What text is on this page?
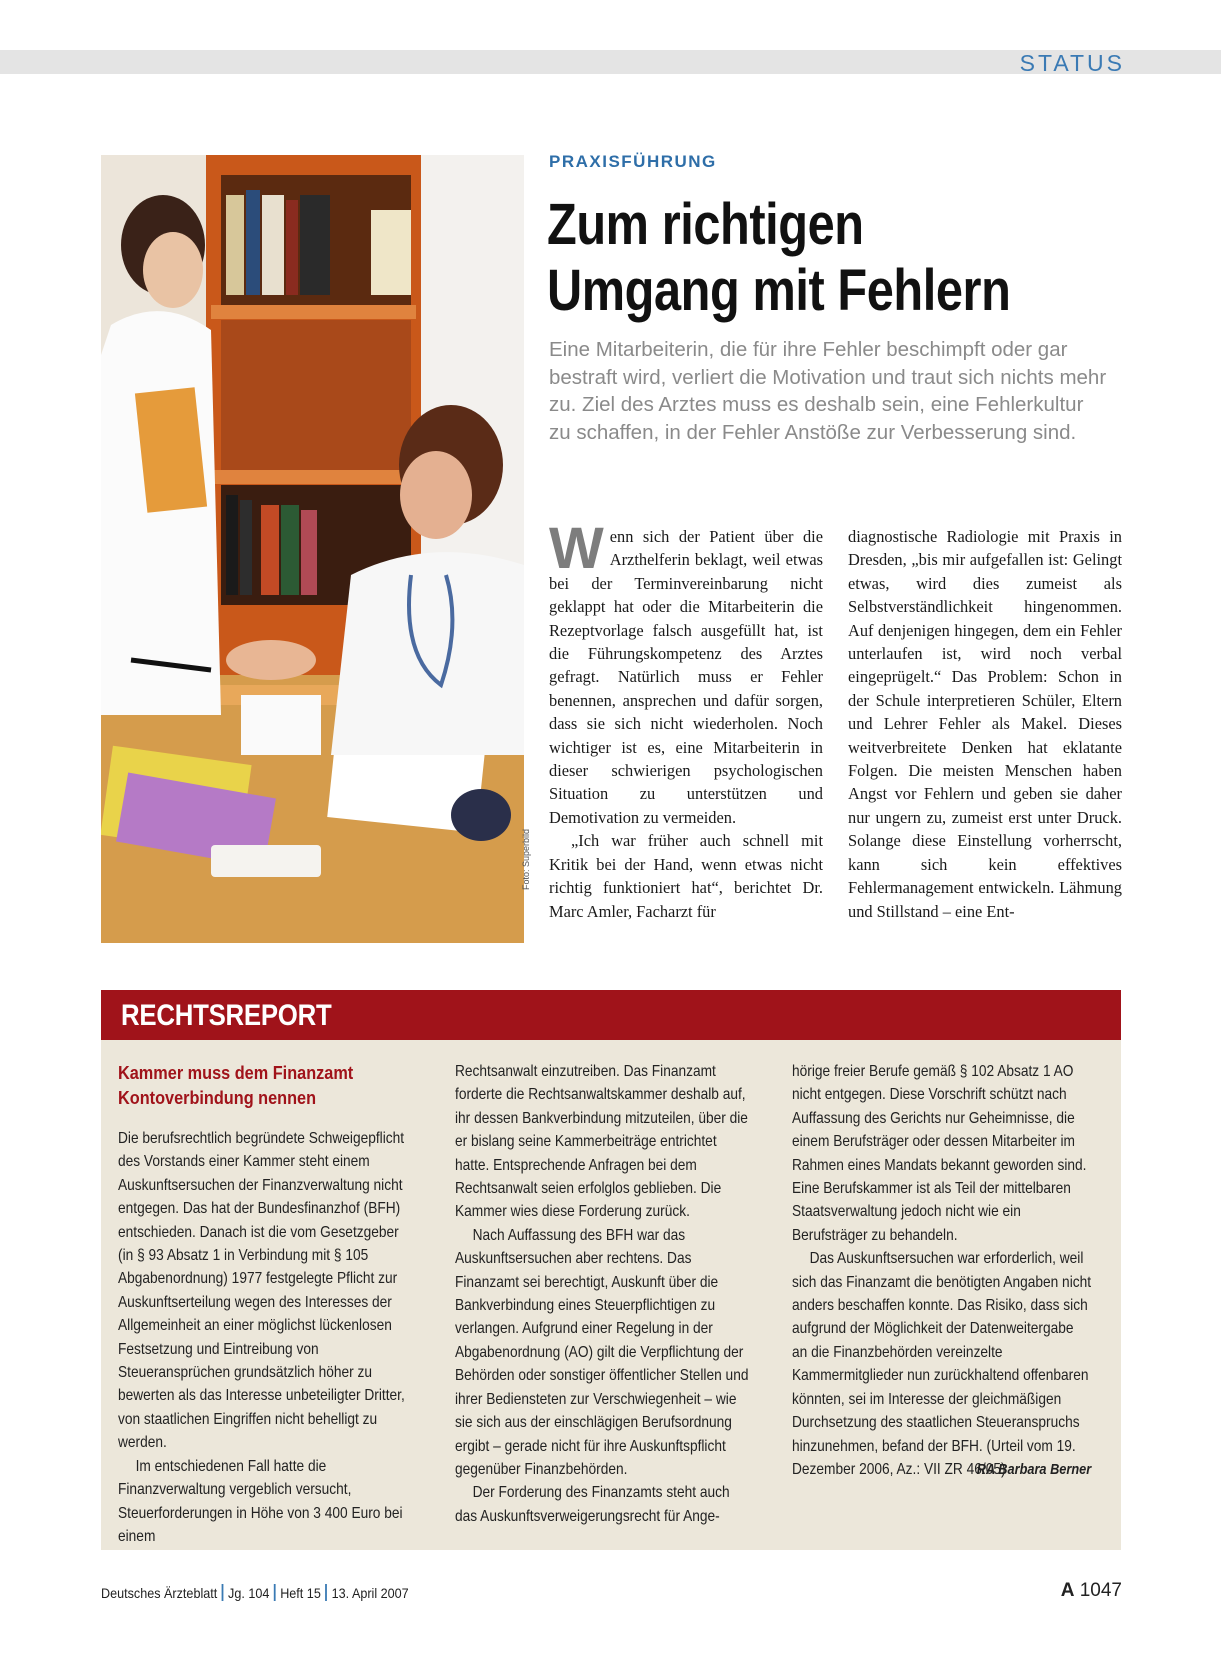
STATUS
Foto: Superbild
PRAXISFÜHRUNG
Zum richtigen Umgang mit Fehlern

Eine Mitarbeiterin, die für ihre Fehler beschimpft oder gar bestraft wird, verliert die Motivation und traut sich nichts mehr zu. Ziel des Arztes muss es deshalb sein, eine Fehlerkultur zu schaffen, in der Fehler Anstöße zur Verbesserung sind.

Wenn sich der Patient über die Arzthelferin beklagt, weil etwas bei der Terminvereinbarung nicht geklappt hat oder die Mitarbeiterin die Rezeptvorlage falsch ausgefüllt hat, ist die Führungskompetenz des Arztes gefragt. Natürlich muss er Fehler benennen, ansprechen und dafür sorgen, dass sie sich nicht wiederholen. Noch wichtiger ist es, eine Mitarbeiterin in dieser schwierigen psychologischen Situation zu unterstützen und Demotivation zu vermeiden.

„Ich war früher auch schnell mit Kritik bei der Hand, wenn etwas nicht richtig funktioniert hat“, berichtet Dr. Marc Amler, Facharzt für

diagnostische Radiologie mit Praxis in Dresden, „bis mir aufgefallen ist: Gelingt etwas, wird dies zumeist als Selbstverständlichkeit hingenommen. Auf denjenigen hingegen, dem ein Fehler unterlaufen ist, wird noch verbal eingeprügelt.“ Das Problem: Schon in der Schule interpretieren Schüler, Eltern und Lehrer Fehler als Makel. Dieses weitverbreitete Denken hat eklatante Folgen. Die meisten Menschen haben Angst vor Fehlern und geben sie daher nur ungern zu, zumeist erst unter Druck. Solange diese Einstellung vorherrscht, kann sich kein effektives Fehlermanagement entwickeln. Lähmung und Stillstand – eine Ent-

RECHTSREPORT
Kammer muss dem Finanzamt Kontoverbindung nennen

Die berufsrechtlich begründete Schweigepflicht des Vorstands einer Kammer steht einem Auskunftsersuchen der Finanzverwaltung nicht entgegen. Das hat der Bundesfinanzhof (BFH) entschieden. Danach ist die vom Gesetzgeber (in § 93 Absatz 1 in Verbindung mit § 105 Abgabenordnung) 1977 festgelegte Pflicht zur Auskunftserteilung wegen des Interesses der Allgemeinheit an einer möglichst lückenlosen Festsetzung und Eintreibung von Steueransprüchen grundsätzlich höher zu bewerten als das Interesse unbeteiligter Dritter, von staatlichen Eingriffen nicht behelligt zu werden.

Im entschiedenen Fall hatte die Finanzverwaltung vergeblich versucht, Steuerforderungen in Höhe von 3 400 Euro bei einem

Rechtsanwalt einzutreiben. Das Finanzamt forderte die Rechtsanwaltskammer deshalb auf, ihr dessen Bankverbindung mitzuteilen, über die er bislang seine Kammerbeiträge entrichtet hatte. Entsprechende Anfragen bei dem Rechtsanwalt seien erfolglos geblieben. Die Kammer wies diese Forderung zurück.

Nach Auffassung des BFH war das Auskunftsersuchen aber rechtens. Das Finanzamt sei berechtigt, Auskunft über die Bankverbindung eines Steuerpflichtigen zu verlangen. Aufgrund einer Regelung in der Abgabenordnung (AO) gilt die Verpflichtung der Behörden oder sonstiger öffentlicher Stellen und ihrer Bediensteten zur Verschwiegenheit – wie sie sich aus der einschlägigen Berufsordnung ergibt – gerade nicht für ihre Auskunftspflicht gegenüber Finanzbehörden.

Der Forderung des Finanzamts steht auch das Auskunftsverweigerungsrecht für Ange-

hörige freier Berufe gemäß § 102 Absatz 1 AO nicht entgegen. Diese Vorschrift schützt nach Auffassung des Gerichts nur Geheimnisse, die einem Berufsträger oder dessen Mitarbeiter im Rahmen eines Mandats bekannt geworden sind. Eine Berufskammer ist als Teil der mittelbaren Staatsverwaltung jedoch nicht wie ein Berufsträger zu behandeln.

Das Auskunftsersuchen war erforderlich, weil sich das Finanzamt die benötigten Angaben nicht anders beschaffen konnte. Das Risiko, dass sich aufgrund der Möglichkeit der Datenweitergabe an die Finanzbehörden vereinzelte Kammermitglieder nun zurückhaltend offenbaren könnten, sei im Interesse der gleichmäßigen Durchsetzung des staatlichen Steueranspruchs hinzunehmen, befand der BFH. (Urteil vom 19. Dezember 2006, Az.: VII ZR 46/05)

RA Barbara Berner
Deutsches Ärzteblatt Jg. 104 Heft 15 13. April 2007	A 1047
